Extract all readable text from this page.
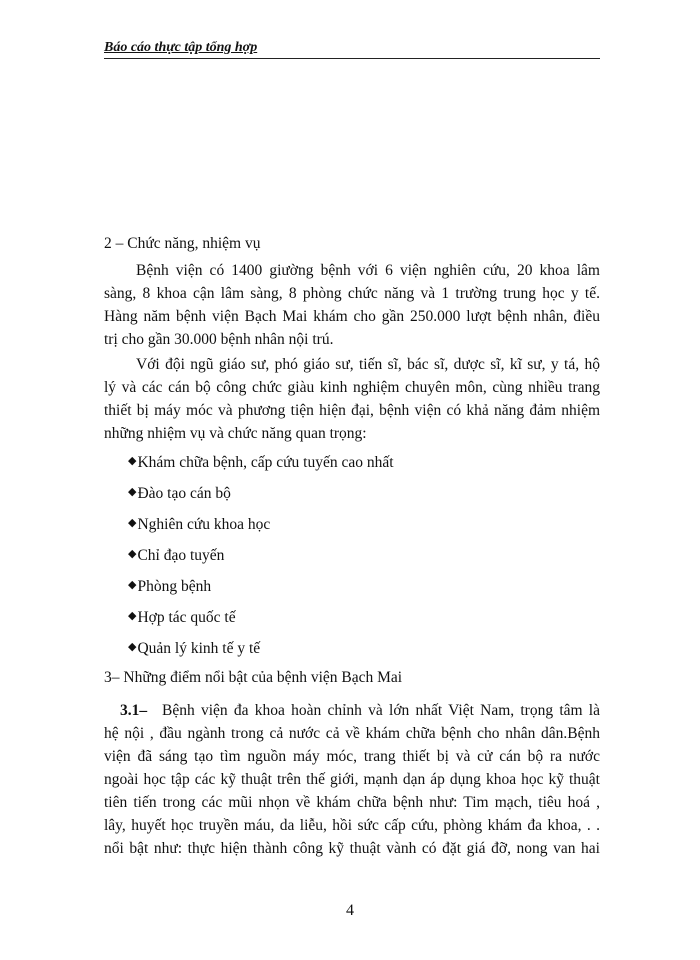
Báo cáo thực tập tổng hợp
2 – Chức năng, nhiệm vụ
Bệnh viện có 1400 giường bệnh với 6 viện nghiên cứu, 20 khoa lâm
sàng, 8 khoa cận lâm sàng, 8 phòng chức năng và 1 trường trung học y tế.
Hàng năm bệnh viện Bạch Mai khám cho gần 250.000 lượt bệnh nhân, điều
trị cho gần 30.000 bệnh nhân nội trú.
Với đội ngũ giáo sư, phó giáo sư, tiến sĩ, bác sĩ, dược sĩ, kĩ sư, y tá, hộ
lý và các cán bộ công chức giàu kinh nghiệm chuyên môn, cùng nhiều trang
thiết bị máy móc và phương tiện hiện đại, bệnh viện có khả năng đảm nhiệm
những nhiệm vụ và chức năng quan trọng:
◆Khám chữa bệnh, cấp cứu tuyến cao nhất
◆Đào tạo cán bộ
◆Nghiên cứu khoa học
◆Chỉ đạo tuyến
◆Phòng bệnh
◆Hợp tác quốc tế
◆Quản lý kinh tế y tế
3– Những điểm nổi bật của bệnh viện Bạch Mai
3.1– Bệnh viện đa khoa hoàn chỉnh và lớn nhất Việt Nam, trọng tâm là
hệ nội , đầu ngành trong cả nước cả về khám chữa bệnh cho nhân dân.Bệnh
viện đã sáng tạo tìm nguồn máy móc, trang thiết bị và cử cán bộ ra nước
ngoài học tập các kỹ thuật trên thế giới, mạnh dạn áp dụng khoa học kỹ thuật
tiên tiến trong các mũi nhọn về khám chữa bệnh như: Tim mạch, tiêu hoá ,
lây, huyết học truyền máu, da liễu, hồi sức cấp cứu, phòng khám đa khoa, . .
nổi bật như: thực hiện thành công kỹ thuật vành có đặt giá đỡ, nong van hai
4
